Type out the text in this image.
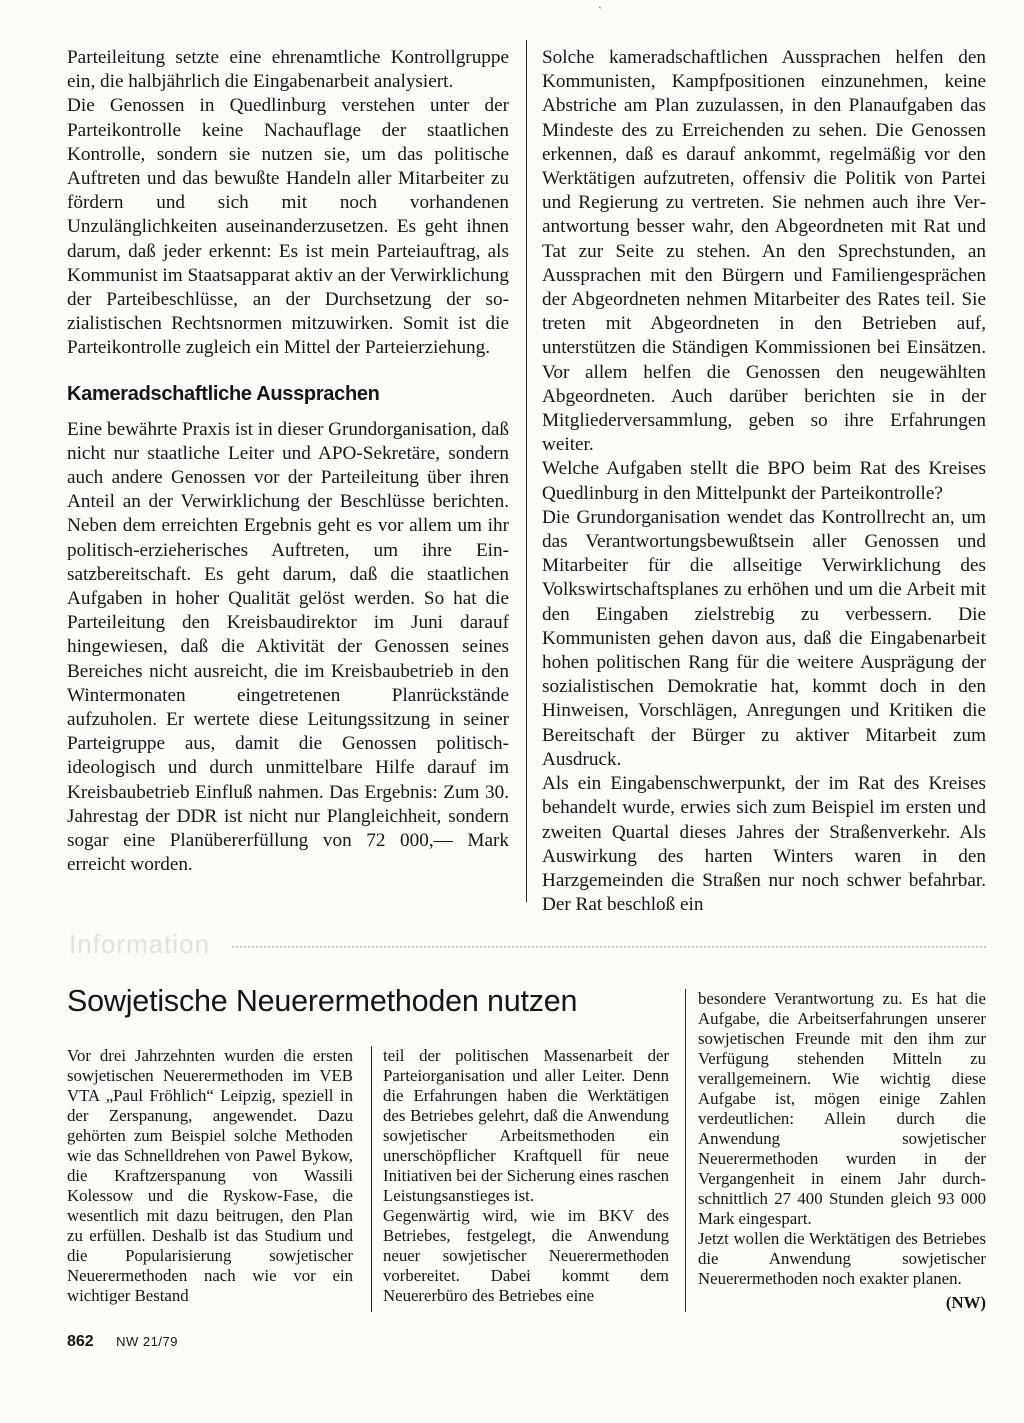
`

Parteileitung setzte eine ehrenamtliche Kontrollgruppe ein, die halbjährlich die Eingabenarbeit analysiert.

Die Genossen in Quedlinburg verstehen unter der Parteikontrolle keine Nachauflage der staatlichen Kontrolle, sondern sie nutzen sie, um das politische Auftreten und das bewußte Handeln aller Mitarbeiter zu fördern und sich mit noch vorhandenen Unzulänglichkeiten auseinanderzusetzen. Es geht ihnen darum, daß jeder erkennt: Es ist mein Parteiauftrag, als Kommunist im Staatsapparat aktiv an der Verwirklichung der Parteibeschlüsse, an der Durchsetzung der sozialistischen Rechtsnormen mitzuwirken. Somit ist die Parteikontrolle zugleich ein Mittel der Parteierziehung.

Kameradschaftliche Aussprachen

Eine bewährte Praxis ist in dieser Grundorganisation, daß nicht nur staatliche Leiter und APO-Sekretäre, sondern auch andere Genossen vor der Parteileitung über ihren Anteil an der Verwirklichung der Beschlüsse berichten. Neben dem erreichten Ergebnis geht es vor allem um ihr politisch-erzieherisches Auftreten, um ihre Einsatzbereitschaft. Es geht darum, daß die staatlichen Aufgaben in hoher Qualität gelöst werden. So hat die Parteileitung den Kreisbaudirektor im Juni darauf hingewiesen, daß die Aktivität der Genossen seines Bereiches nicht ausreicht, die im Kreisbaubetrieb in den Wintermonaten eingetretenen Planrückstände aufzuholen. Er wertete diese Leitungssitzung in seiner Parteigruppe aus, damit die Genossen politisch-ideologisch und durch unmittelbare Hilfe darauf im Kreisbaubetrieb Einfluß nahmen. Das Ergebnis: Zum 30. Jahrestag der DDR ist nicht nur Plangleichheit, sondern sogar eine Planübererfüllung von 72 000,— Mark erreicht worden.

Solche kameradschaftlichen Aussprachen helfen den Kommunisten, Kampfpositionen einzunehmen, keine Abstriche am Plan zuzulassen, in den Planaufgaben das Mindeste des zu Erreichenden zu sehen. Die Genossen erkennen, daß es darauf ankommt, regelmäßig vor den Werktätigen aufzutreten, offensiv die Politik von Partei und Regierung zu vertreten. Sie nehmen auch ihre Verantwortung besser wahr, den Abgeordneten mit Rat und Tat zur Seite zu stehen. An den Sprechstunden, an Aussprachen mit den Bürgern und Familiengesprächen der Abgeordneten nehmen Mitarbeiter des Rates teil. Sie treten mit Abgeordneten in den Betrieben auf, unterstützen die Ständigen Kommissionen bei Einsätzen. Vor allem helfen die Genossen den neugewählten Abgeordneten. Auch darüber berichten sie in der Mitgliederversammlung, geben so ihre Erfahrungen weiter.

Welche Aufgaben stellt die BPO beim Rat des Kreises Quedlinburg in den Mittelpunkt der Parteikontrolle?

Die Grundorganisation wendet das Kontrollrecht an, um das Verantwortungsbewußtsein aller Genossen und Mitarbeiter für die allseitige Verwirklichung des Volkswirtschaftsplanes zu erhöhen und um die Arbeit mit den Eingaben zielstrebig zu verbessern. Die Kommunisten gehen davon aus, daß die Eingabenarbeit hohen politischen Rang für die weitere Ausprägung der sozialistischen Demokratie hat, kommt doch in den Hinweisen, Vorschlägen, Anregungen und Kritiken die Bereitschaft der Bürger zu aktiver Mitarbeit zum Ausdruck.

Als ein Eingabenschwerpunkt, der im Rat des Kreises behandelt wurde, erwies sich zum Beispiel im ersten und zweiten Quartal dieses Jahres der Straßenverkehr. Als Auswirkung des harten Winters waren in den Harzgemeinden die Straßen nur noch schwer befahrbar. Der Rat beschloß ein

Information
Sowjetische Neuerermethoden nutzen

Vor drei Jahrzehnten wurden die ersten sowjetischen Neuerermethoden im VEB VTA „Paul Fröhlich“ Leipzig, speziell in der Zerspanung, angewendet. Dazu gehörten zum Beispiel solche Methoden wie das Schnelldrehen von Pawel Bykow, die Kraftzerspanung von Wassili Kolessow und die Ryskow-Fase, die wesentlich mit dazu beitrugen, den Plan zu erfüllen. Deshalb ist das Studium und die Popularisierung sowjetischer Neuerermethoden nach wie vor ein wichtiger Bestand

teil der politischen Massenarbeit der Parteiorganisation und aller Leiter. Denn die Erfahrungen haben die Werktätigen des Betriebes gelehrt, daß die Anwendung sowjetischer Arbeitsmethoden ein unerschöpflicher Kraftquell für neue Initiativen bei der Sicherung eines raschen Leistungsanstieges ist.

Gegenwärtig wird, wie im BKV des Betriebes, festgelegt, die Anwendung neuer sowjetischer Neuerermethoden vorbereitet. Dabei kommt dem Neuererbüro des Betriebes eine

besondere Verantwortung zu. Es hat die Aufgabe, die Arbeitserfahrungen unserer sowjetischen Freunde mit den ihm zur Verfügung stehenden Mitteln zu verallgemeinern. Wie wichtig diese Aufgabe ist, mögen einige Zahlen verdeutlichen: Allein durch die Anwendung sowjetischer Neuerermethoden wurden in der Vergangenheit in einem Jahr durchschnittlich 27 400 Stunden gleich 93 000 Mark eingespart.

Jetzt wollen die Werktätigen des Betriebes die Anwendung sowjetischer Neuerermethoden noch exakter planen.

(NW)

862 NW 21/79
